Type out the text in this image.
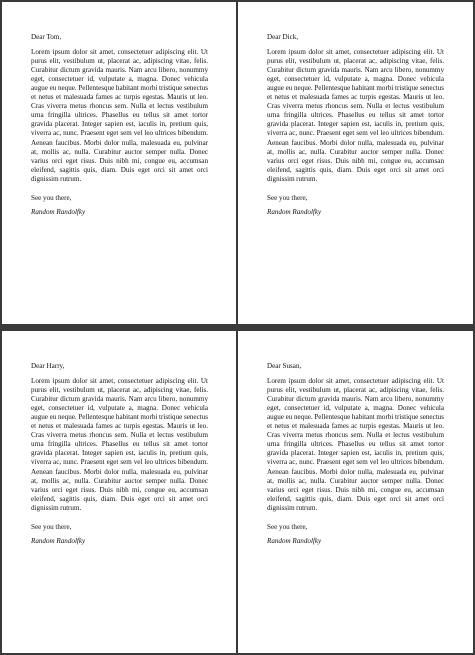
Dear Tom,

Lorem ipsum dolor sit amet, consectetuer adipiscing elit. Ut purus elit, vestibulum ut, placerat ac, adipiscing vitae, felis. Curabitur dictum gravida mauris. Nam arcu libero, nonummy eget, consectetuer id, vulputate a, magna. Donec vehicula augue eu neque. Pellentesque habitant morbi tristique senectus et netus et malesuada fames ac turpis egestas. Mauris ut leo. Cras viverra metus rhoncus sem. Nulla et lectus vestibulum urna fringilla ultrices. Phasellus eu tellus sit amet tortor gravida placerat. Integer sapien est, iaculis in, pretium quis, viverra ac, nunc. Praesent eget sem vel leo ultrices bibendum. Aenean faucibus. Morbi dolor nulla, malesuada eu, pulvinar at, mollis ac, nulla. Curabitur auctor semper nulla. Donec varius orci eget risus. Duis nibh mi, congue eu, accumsan eleifend, sagittis quis, diam. Duis eget orci sit amet orci dignissim rutrum.

See you there,

Random Randolfky

Dear Dick,

Lorem ipsum dolor sit amet, consectetuer adipiscing elit. Ut purus elit, vestibulum ut, placerat ac, adipiscing vitae, felis. Curabitur dictum gravida mauris. Nam arcu libero, nonummy eget, consectetuer id, vulputate a, magna. Donec vehicula augue eu neque. Pellentesque habitant morbi tristique senectus et netus et malesuada fames ac turpis egestas. Mauris ut leo. Cras viverra metus rhoncus sem. Nulla et lectus vestibulum urna fringilla ultrices. Phasellus eu tellus sit amet tortor gravida placerat. Integer sapien est, iaculis in, pretium quis, viverra ac, nunc. Praesent eget sem vel leo ultrices bibendum. Aenean faucibus. Morbi dolor nulla, malesuada eu, pulvinar at, mollis ac, nulla. Curabitur auctor semper nulla. Donec varius orci eget risus. Duis nibh mi, congue eu, accumsan eleifend, sagittis quis, diam. Duis eget orci sit amet orci dignissim rutrum.

See you there,

Random Randolfky

Dear Harry,

Lorem ipsum dolor sit amet, consectetuer adipiscing elit. Ut purus elit, vestibulum ut, placerat ac, adipiscing vitae, felis. Curabitur dictum gravida mauris. Nam arcu libero, nonummy eget, consectetuer id, vulputate a, magna. Donec vehicula augue eu neque. Pellentesque habitant morbi tristique senectus et netus et malesuada fames ac turpis egestas. Mauris ut leo. Cras viverra metus rhoncus sem. Nulla et lectus vestibulum urna fringilla ultrices. Phasellus eu tellus sit amet tortor gravida placerat. Integer sapien est, iaculis in, pretium quis, viverra ac, nunc. Praesent eget sem vel leo ultrices bibendum. Aenean faucibus. Morbi dolor nulla, malesuada eu, pulvinar at, mollis ac, nulla. Curabitur auctor semper nulla. Donec varius orci eget risus. Duis nibh mi, congue eu, accumsan eleifend, sagittis quis, diam. Duis eget orci sit amet orci dignissim rutrum.

See you there,

Random Randolfky

Dear Susan,

Lorem ipsum dolor sit amet, consectetuer adipiscing elit. Ut purus elit, vestibulum ut, placerat ac, adipiscing vitae, felis. Curabitur dictum gravida mauris. Nam arcu libero, nonummy eget, consectetuer id, vulputate a, magna. Donec vehicula augue eu neque. Pellentesque habitant morbi tristique senectus et netus et malesuada fames ac turpis egestas. Mauris ut leo. Cras viverra metus rhoncus sem. Nulla et lectus vestibulum urna fringilla ultrices. Phasellus eu tellus sit amet tortor gravida placerat. Integer sapien est, iaculis in, pretium quis, viverra ac, nunc. Praesent eget sem vel leo ultrices bibendum. Aenean faucibus. Morbi dolor nulla, malesuada eu, pulvinar at, mollis ac, nulla. Curabitur auctor semper nulla. Donec varius orci eget risus. Duis nibh mi, congue eu, accumsan eleifend, sagittis quis, diam. Duis eget orci sit amet orci dignissim rutrum.

See you there,

Random Randolfky
